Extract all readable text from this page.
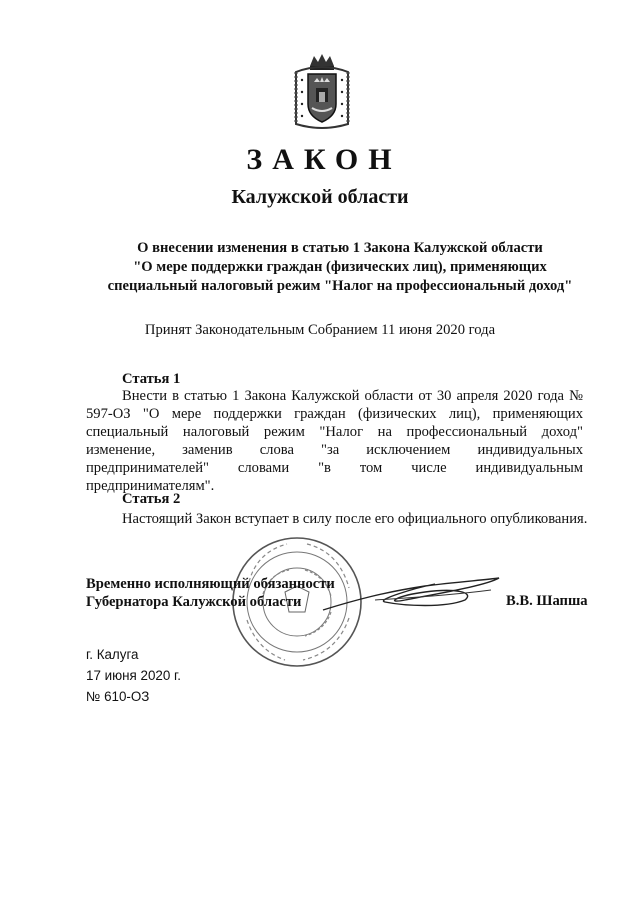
ЗАКОН
Калужской области
О внесении изменения в статью 1 Закона Калужской области
"О мере поддержки граждан (физических лиц), применяющих
специальный налоговый режим "Налог на профессиональный доход"
Принят Законодательным Собранием 11 июня 2020 года
Статья 1
Внести в статью 1 Закона Калужской области от 30 апреля 2020 года № 597-ОЗ "О мере поддержки граждан (физических лиц), применяющих специальный налоговый режим "Налог на профессиональный доход" изменение, заменив слова "за исключением индивидуальных предпринимателей" словами "в том числе индивидуальным предпринимателям".
Статья 2
Настоящий Закон вступает в силу после его официального опубликования.
Временно исполняющий обязанности
Губернатора Калужской области	В.В. Шапша
г. Калуга
17 июня 2020 г.
№ 610-ОЗ
